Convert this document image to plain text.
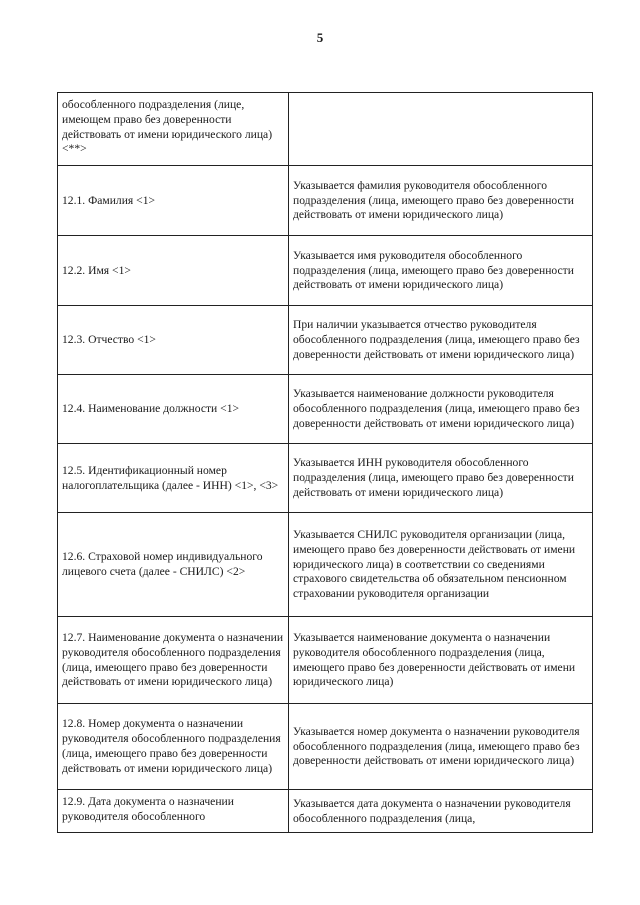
5
обособленного подразделения (лице, имеющем право без доверенности действовать от имени юридического лица)<**>	
12.1. Фамилия <1>	Указывается фамилия руководителя обособленного подразделения (лица, имеющего право без доверенности действовать от имени юридического лица)
12.2. Имя <1>	Указывается имя руководителя обособленного подразделения (лица, имеющего право без доверенности действовать от имени юридического лица)
12.3. Отчество <1>	При наличии указывается отчество руководителя обособленного подразделения (лица, имеющего право без доверенности действовать от имени юридического лица)
12.4. Наименование должности <1>	Указывается наименование должности руководителя обособленного подразделения (лица, имеющего право без доверенности действовать от имени юридического лица)
12.5. Идентификационный номер налогоплательщика (далее - ИНН) <1>, <3>	Указывается ИНН руководителя обособленного подразделения (лица, имеющего право без доверенности действовать от имени юридического лица)
12.6. Страховой номер индивидуального лицевого счета (далее - СНИЛС) <2>	Указывается СНИЛС руководителя организации (лица, имеющего право без доверенности действовать от имени юридического лица) в соответствии со сведениями страхового свидетельства об обязательном пенсионном страховании руководителя организации
12.7. Наименование документа о назначении руководителя обособленного подразделения (лица, имеющего право без доверенности действовать от имени юридического лица)	Указывается наименование документа о назначении руководителя обособленного подразделения (лица, имеющего право без доверенности действовать от имени юридического лица)
12.8. Номер документа о назначении руководителя обособленного подразделения (лица, имеющего право без доверенности действовать от имени юридического лица)	Указывается номер документа о назначении руководителя обособленного подразделения (лица, имеющего право без доверенности действовать от имени юридического лица)
12.9. Дата документа о назначении руководителя обособленного	Указывается дата документа о назначении руководителя обособленного подразделения (лица,
